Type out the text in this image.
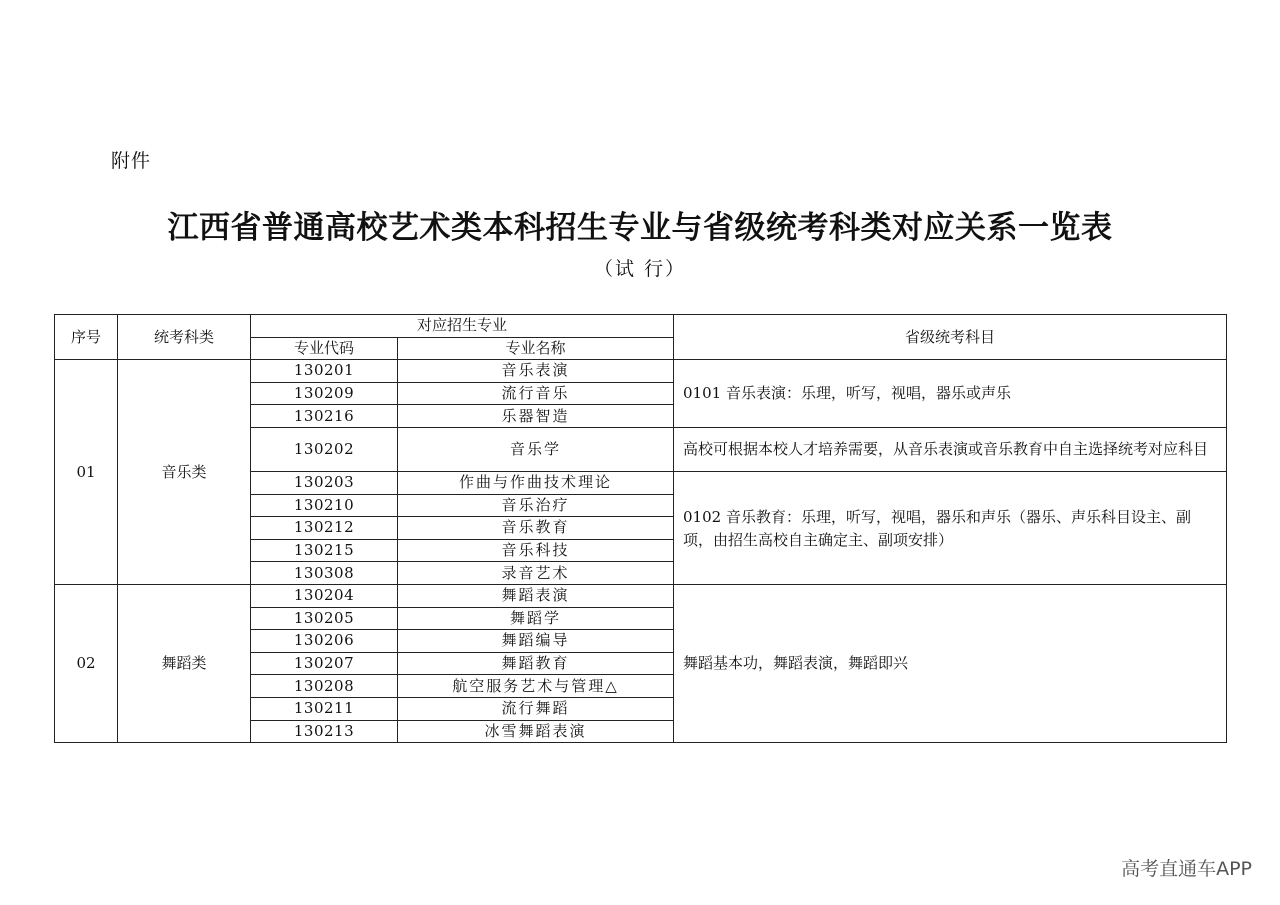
附件
江西省普通高校艺术类本科招生专业与省级统考科类对应关系一览表
（试 行）
序号	统考科类	对应招生专业		省级统考科目
		专业代码	专业名称	
01	音乐类	130201	音乐表演	0101 音乐表演：乐理，听写，视唱，器乐或声乐
		130209	流行音乐	
		130216	乐器智造	
		130202	音乐学	高校可根据本校人才培养需要，从音乐表演或音乐教育中自主选择统考对应科目
		130203	作曲与作曲技术理论	0102 音乐教育：乐理，听写，视唱，器乐和声乐（器乐、声乐科目设主、副项，由招生高校自主确定主、副项安排）
		130210	音乐治疗	
		130212	音乐教育	
		130215	音乐科技	
		130308	录音艺术	
02	舞蹈类	130204	舞蹈表演	舞蹈基本功，舞蹈表演，舞蹈即兴
		130205	舞蹈学	
		130206	舞蹈编导	
		130207	舞蹈教育	
		130208	航空服务艺术与管理△	
		130211	流行舞蹈	
		130213	冰雪舞蹈表演	
高考直通车APP
